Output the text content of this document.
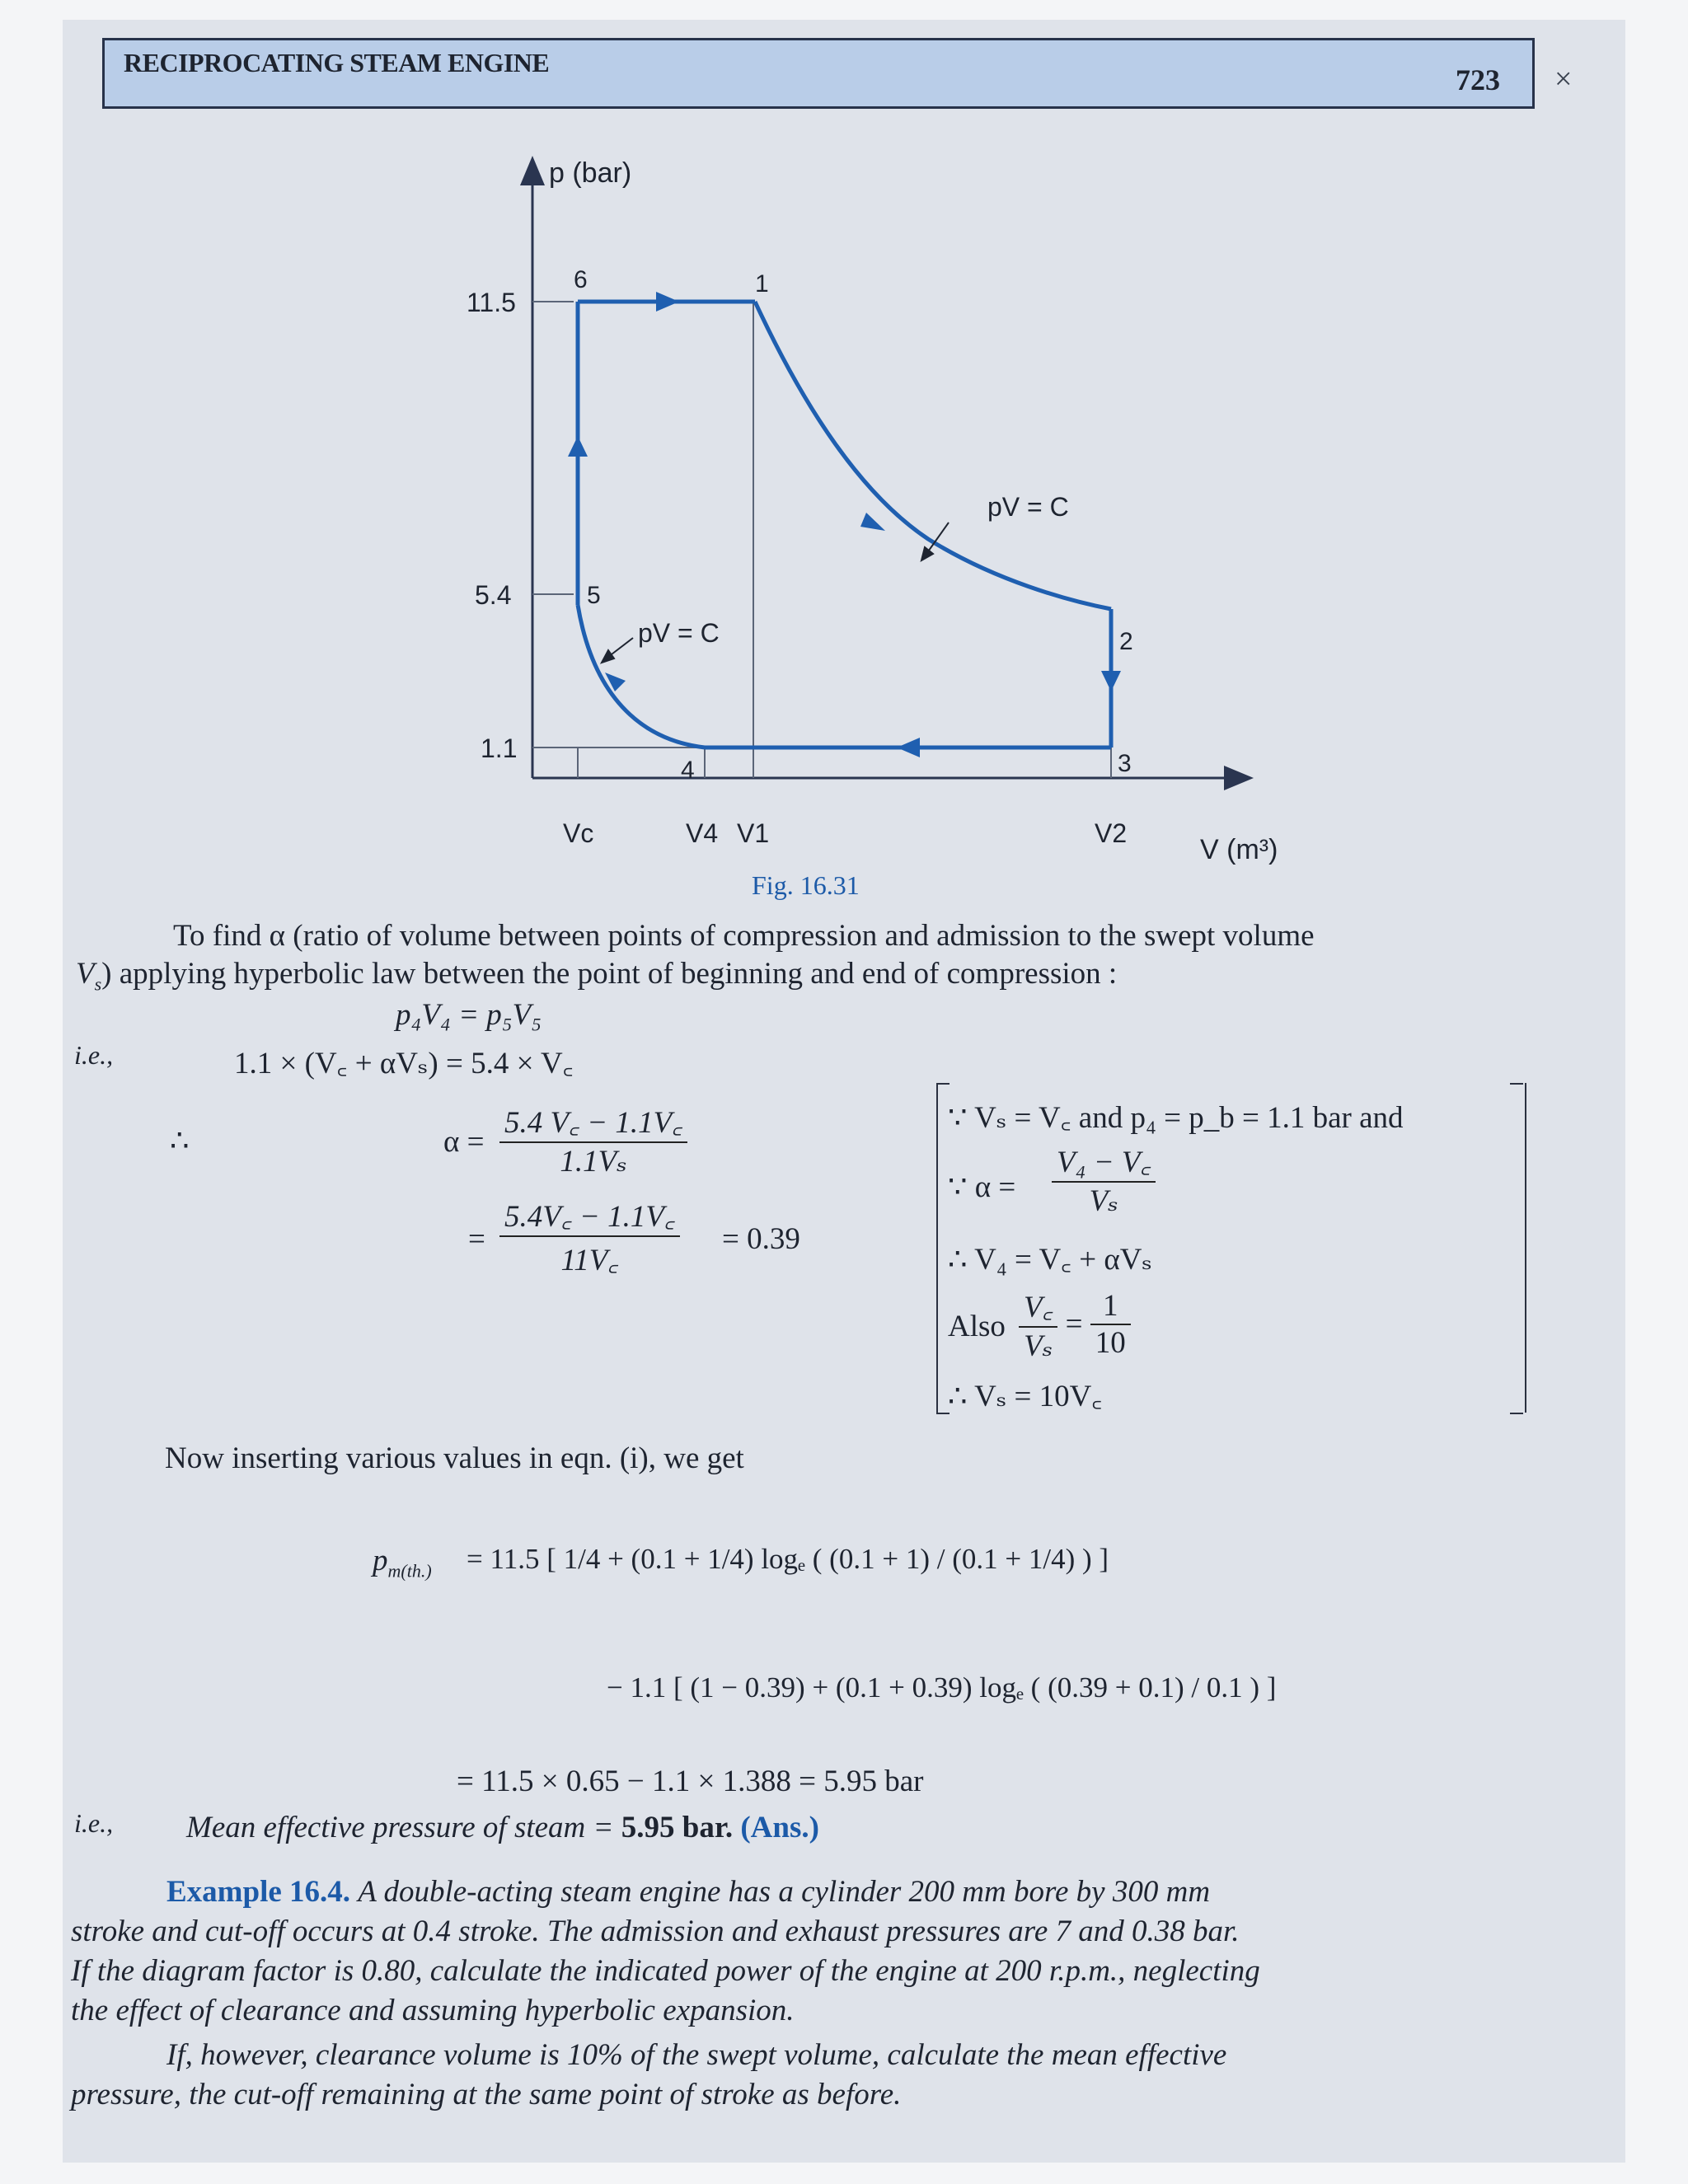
RECIPROCATING STEAM ENGINE
723 ×
p (bar)
V (m³)
11.5
5.4
1.1
Vc	V4 V1	V2
1
2
3
4
5
6
pV = C
pV = C
Fig. 16.31
To find α (ratio of volume between points of compression and admission to the swept volume
$V_s$) applying hyperbolic law between the point of beginning and end of compression :
p₄V₄ = p₅V₅
i.e.,	1.1 × (V꜀ + αVₛ) = 5.4 × V꜀
∴	$\alpha = \frac{5.4 V꜀ - 1.1V꜀}{\text{1.1Vₛ}}$
= $\frac{5.4V꜀ - 1.1V꜀}{11V꜀} = 0.39$
∵ Vₛ = V꜀ and p₄ = p_b = 1.1 bar and
∵ $\alpha = \frac{\text{V₄ − V꜀}}{\text{Vₛ}}$
∴ V₄ = V꜀ + αVₛ
Also $\frac{V꜀}{\text{Vₛ}} = \frac{1}{10}$
∴ Vₛ = 10V꜀
Now inserting various values in eqn. (i), we get
$p_{m(th.)} = 11.5$ [ 1/4 + (0.1 + 1/4) logₑ ( (0.1 + 1) / (0.1 + 1/4) ) ]
− 1.1 [ (1 − 0.39) + (0.1 + 0.39) logₑ ( (0.39 + 0.1) / 0.1 ) ]
= 11.5 × 0.65 − 1.1 × 1.388 = 5.95 bar
i.e., Mean effective pressure of steam = 5.95 bar. (Ans.)
Example 16.4. A double-acting steam engine has a cylinder 200 mm bore by 300 mm
stroke and cut-off occurs at 0.4 stroke. The admission and exhaust pressures are 7 and 0.38 bar.
If the diagram factor is 0.80, calculate the indicated power of the engine at 200 r.p.m., neglecting
the effect of clearance and assuming hyperbolic expansion.
If, however, clearance volume is 10% of the swept volume, calculate the mean effective
pressure, the cut-off remaining at the same point of stroke as before.
